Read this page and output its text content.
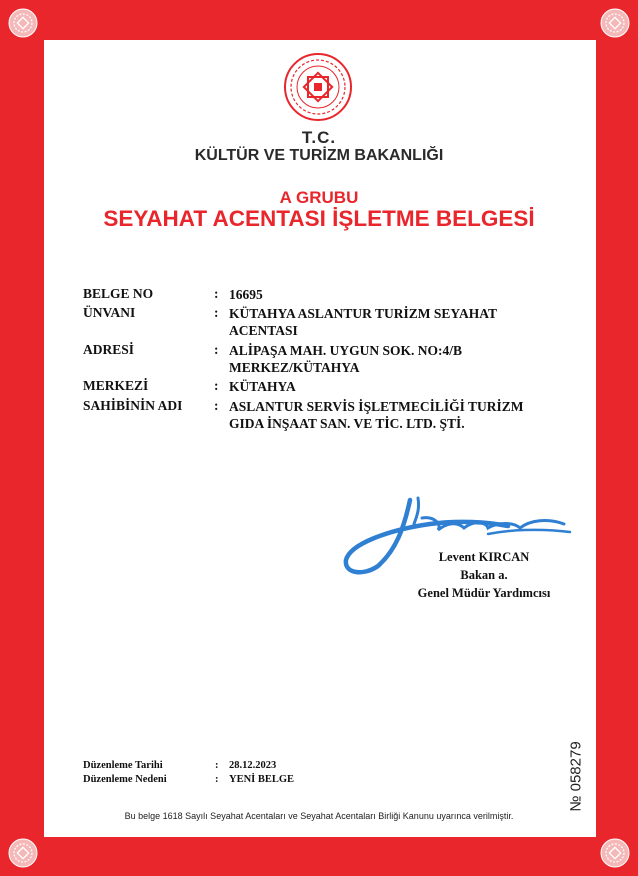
T.C.
KÜLTÜR VE TURİZM BAKANLIĞI
A GRUBU
SEYAHAT ACENTASI İŞLETME BELGESİ
BELGE NO	: 16695
ÜNVANI	: KÜTAHYA ASLANTUR TURİZM SEYAHAT
ACENTASI
ADRESİ	: ALİPAŞA MAH. UYGUN SOK. NO:4/B
MERKEZ/KÜTAHYA
MERKEZİ	: KÜTAHYA
SAHİBİNİN ADI : ASLANTUR SERVİS İŞLETMECİLİĞİ TURİZM
GIDA İNŞAAT SAN. VE TİC. LTD. ŞTİ.
Levent KIRCAN
Bakan a.
Genel Müdür Yardımcısı
Düzenleme Tarihi	: 28.12.2023
Düzenleme Nedeni	: YENİ BELGE	№ 058279
Bu belge 1618 Sayılı Seyahat Acentaları ve Seyahat Acentaları Birliği Kanunu uyarınca verilmiştir.
